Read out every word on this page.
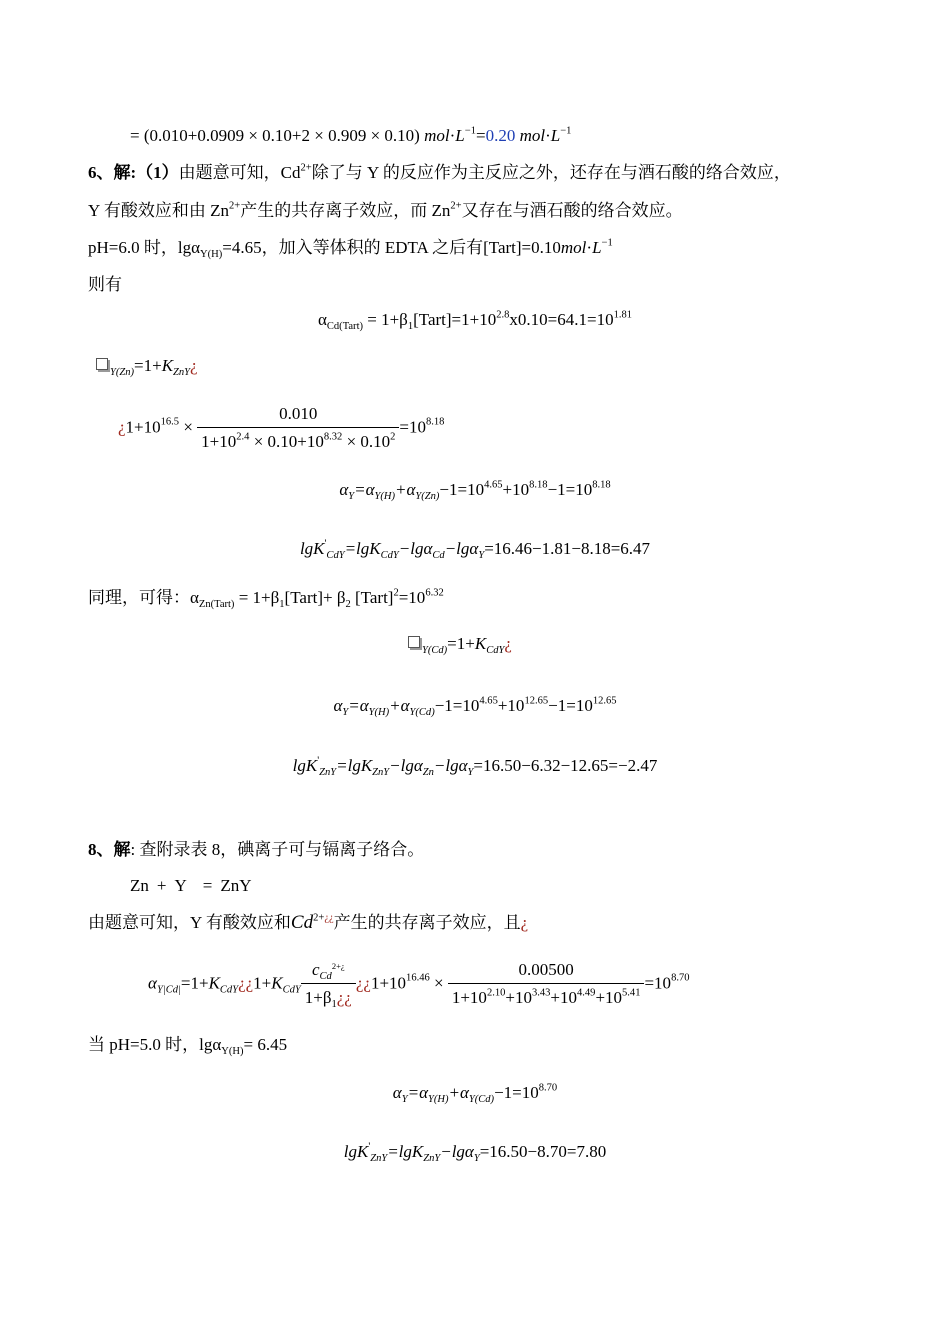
= (0.010+0.0909 × 0.10+2 × 0.909 × 0.10) $mol\cdot L^{-1}=0.20$ $mol\cdot L^{-1}$
6、解:（1）由题意可知，$Cd^{2+}$除了与 Y 的反应作为主反应之外，还存在与酒石酸的络合效应，
Y 有酸效应和由 $Zn^{2+}$产生的共存离子效应，而 $Zn^{2+}$又存在与酒石酸的络合效应。
pH=6.0 时，lgα$_{Y(H)}$=4.65，加入等体积的 EDTA 之后有$[Tart]=0.10mol\cdot L^{-1}$
则有
$\alpha_{Cd(Tart)}$ = $1+\beta_1[Tart]=1+10^{2.8}x0.10=64.1=10^{1.81}$
$_{Y(Zn)}=1+K_{ZnY}¿$
¿$1+10^{16.5} \times \frac{0.010}{1+10^{2.4} \times 0.10+10^{8.32} \times 0.10^2} =10^{8.18}$
$\alpha_Y=\alpha_{Y(H)}+\alpha_{Y(Zn)}-1=10^{4.65}+10^{8.18}-1=10^{8.18}$
lgK'$_{CdY}$=lgK$_{CdY}$−lgα$_{Cd}$−lgα$_Y$=16.46−1.81−8.18=6.47
同理，可得：$\alpha_{Zn(Tart)}$ = $1+\beta_1[Tart]+ \beta_2$ $[Tart]^2=10^{6.32}$
$_{Y(Cd)}=1+K_{CdY}¿$
$\alpha_Y=\alpha_{Y(H)}+\alpha_{Y(Cd)}-1=10^{4.65}+10^{12.65}-1=10^{12.65}$
lgK'$_{ZnY}$=lgK$_{ZnY}$−lgα$_{Zn}$−lgα$_Y$=16.50−6.32−12.65=−2.47
8、解: 查附录表 8，碘离子可与镉离子络合。
Zn + Y = ZnY
由题意可知，Y 有酸效应和$Cd^{2+¿¿}$产生的共存离子效应，且¿
$\alpha_{Y|Cd|}=1+K_{CdY}¿¿1+K_{CdY}$
$c_{Cd}^{2+¿}$
$1+\beta_1¿¿$
¿¿$1+10^{16.46} \times \frac{0.00500}{1+10^{2.10}+10^{3.43}+10^{4.49}+10^{5.41}} =10^{8.70}$
当 pH=5.0 时，lgα$_{Y(H)}$= 6.45
$\alpha_Y=\alpha_{Y(H)}+\alpha_{Y(Cd)}-1=10^{8.70}$
lgK'$_{ZnY}$=lgK$_{ZnY}$−lgα$_Y$=16.50−8.70=7.80
